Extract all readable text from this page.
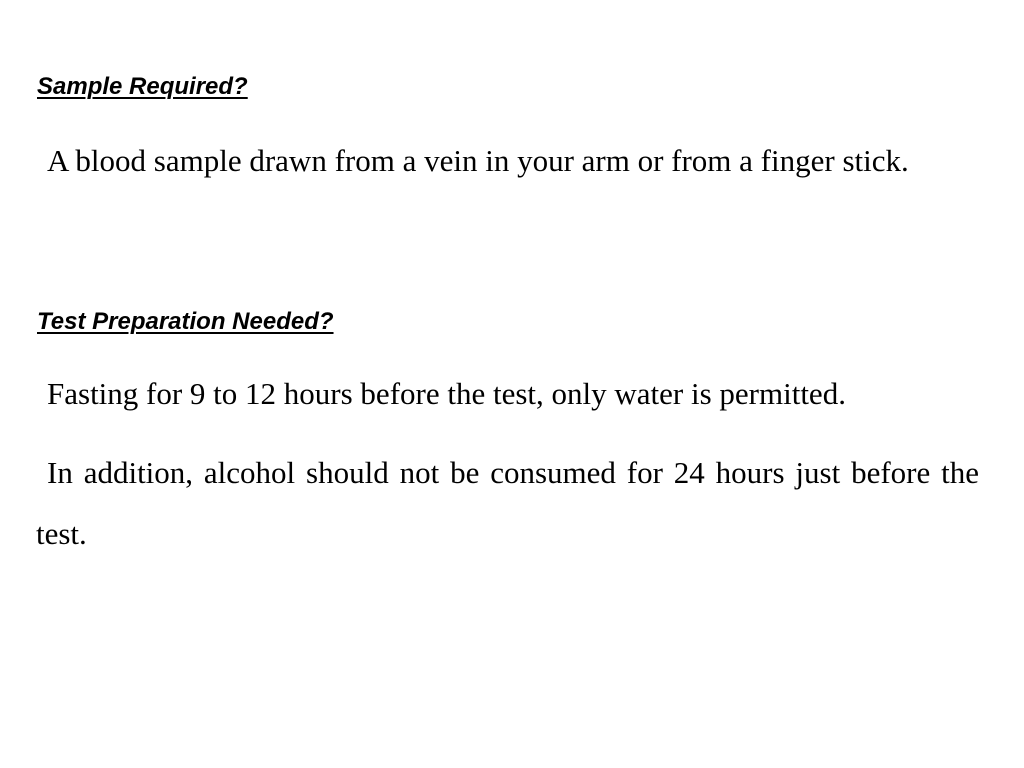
Sample Required?

A blood sample drawn from a vein in your arm or from a finger stick.

Test Preparation Needed?

Fasting for 9 to 12 hours before the test, only water is permitted.

In addition, alcohol should not be consumed for 24 hours just before the test.
